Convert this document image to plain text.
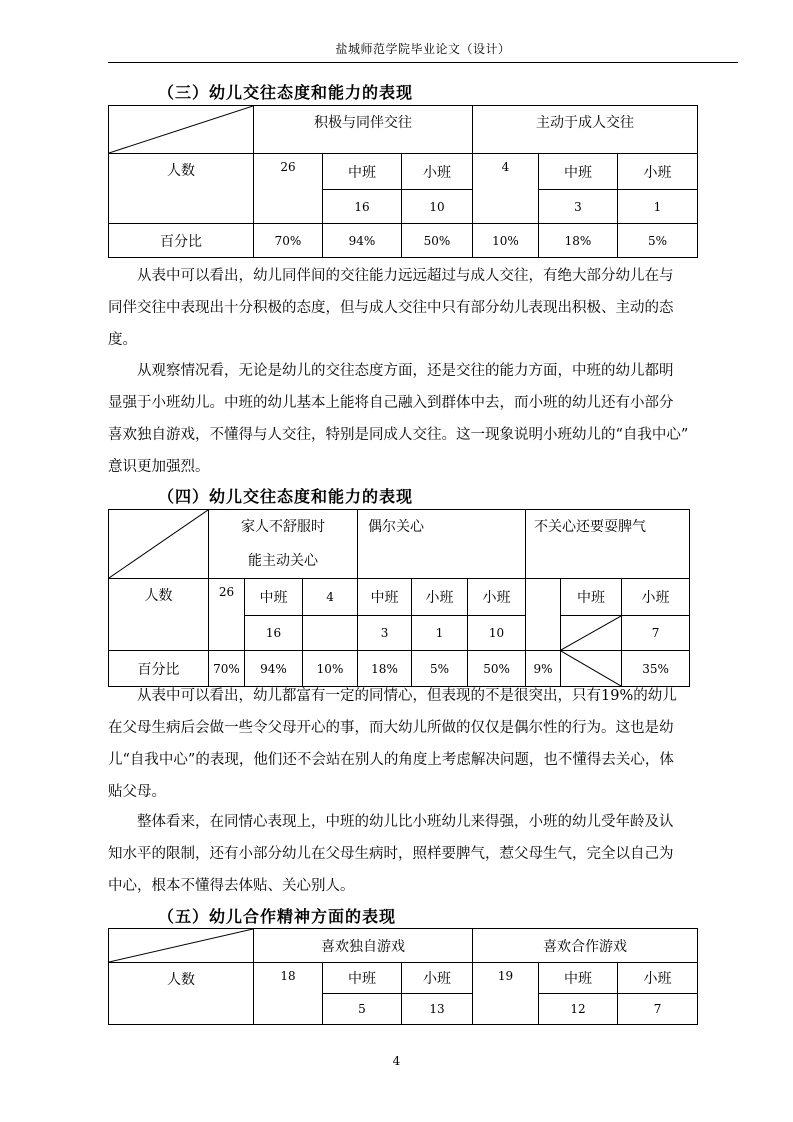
盐城师范学院毕业论文（设计）
（三）幼儿交往态度和能力的表现
	积极与同伴交往			主动于成人交往		
人数	26	中班	小班	4	中班	小班
		16	10		3	1
百分比	70%	94%	50%	10%	18%	5%
从表中可以看出，幼儿同伴间的交往能力远远超过与成人交往，有绝大部分幼儿在与
同伴交往中表现出十分积极的态度，但与成人交往中只有部分幼儿表现出积极、主动的态
度。
从观察情况看，无论是幼儿的交往态度方面，还是交往的能力方面，中班的幼儿都明
显强于小班幼儿。中班的幼儿基本上能将自己融入到群体中去，而小班的幼儿还有小部分
喜欢独自游戏，不懂得与人交往，特别是同成人交往。这一现象说明小班幼儿的“自我中心”
意识更加强烈。
（四）幼儿交往态度和能力的表现

家人不舒服时
能主动关心			偶尔关心			不关心还要耍脾气		
人数	26	中班	4	中班	小班	小班		中班	小班
		16		3	1	10			7
百分比	70%	94%	10%	18%	5%	50%	9%		35%
从表中可以看出，幼儿都富有一定的同情心，但表现的不是很突出，只有19%的幼儿
在父母生病后会做一些令父母开心的事，而大幼儿所做的仅仅是偶尔性的行为。这也是幼
儿“自我中心”的表现，他们还不会站在别人的角度上考虑解决问题，也不懂得去关心，体
贴父母。
整体看来，在同情心表现上，中班的幼儿比小班幼儿来得强，小班的幼儿受年龄及认
知水平的限制，还有小部分幼儿在父母生病时，照样要脾气，惹父母生气，完全以自己为
中心，根本不懂得去体贴、关心别人。
（五）幼儿合作精神方面的表现
	喜欢独自游戏			喜欢合作游戏		
人数	18	中班	小班	19	中班	小班
		5	13		12	7
4
